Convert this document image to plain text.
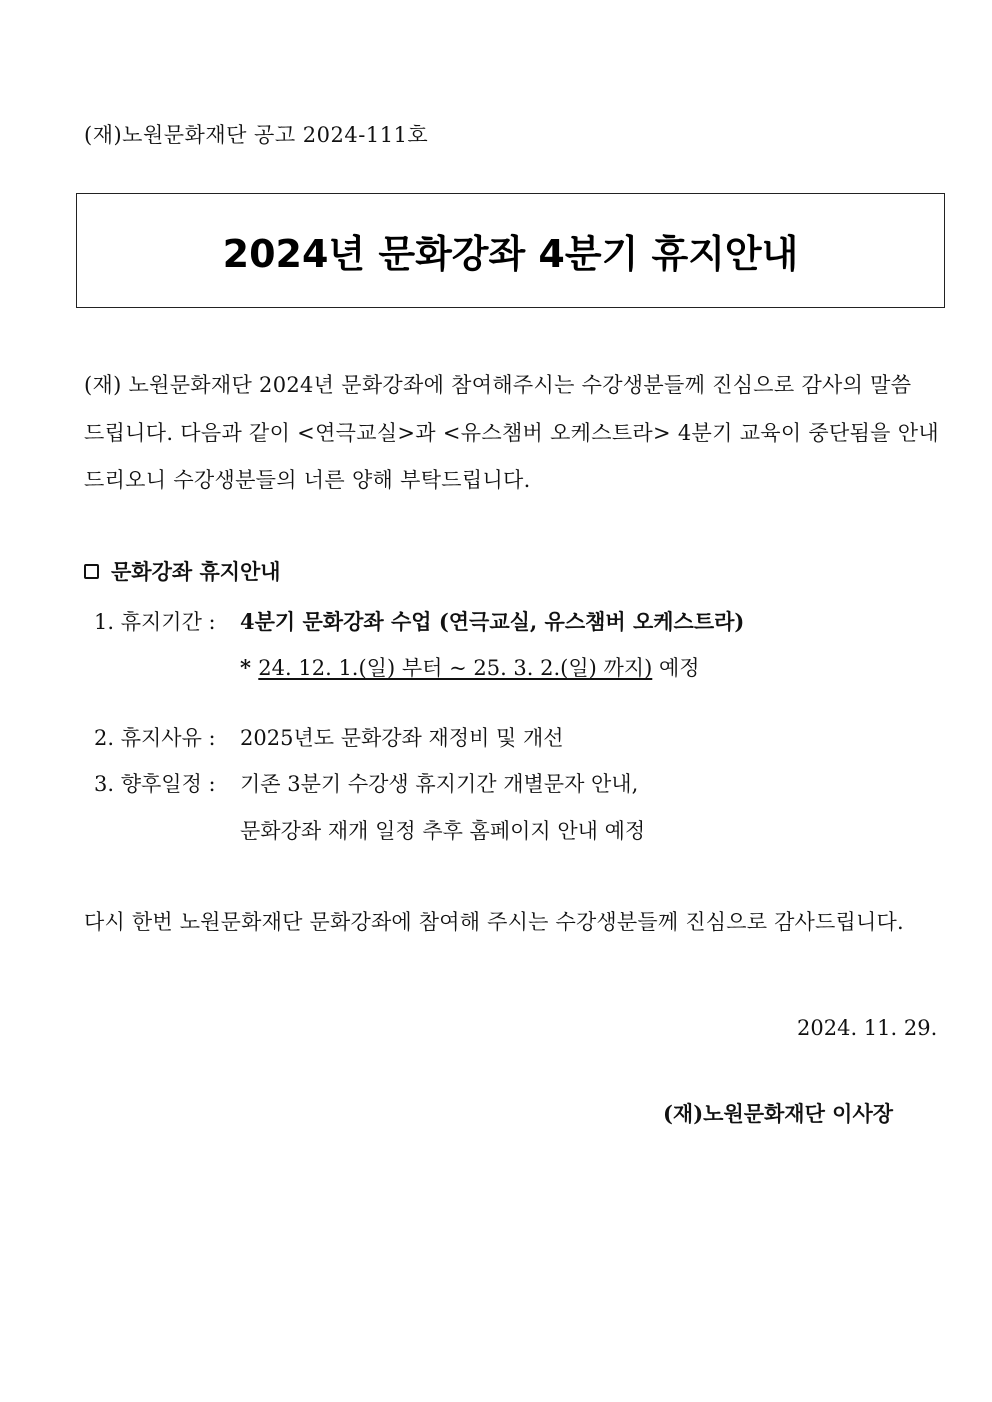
(재)노원문화재단 공고 2024-111호
2024년 문화강좌 4분기 휴지안내
(재) 노원문화재단 2024년 문화강좌에 참여해주시는 수강생분들께 진심으로 감사의 말씀
드립니다. 다음과 같이 <연극교실>과 <유스챔버 오케스트라> 4분기 교육이 중단됨을 안내
드리오니 수강생분들의 너른 양해 부탁드립니다.
문화강좌 휴지안내
1. 휴지기간 : 4분기 문화강좌 수업 (연극교실, 유스챔버 오케스트라)
* 24. 12. 1.(일) 부터 ~ 25. 3. 2.(일) 까지) 예정
2. 휴지사유 : 2025년도 문화강좌 재정비 및 개선
3. 향후일정 : 기존 3분기 수강생 휴지기간 개별문자 안내,
문화강좌 재개 일정 추후 홈페이지 안내 예정
다시 한번 노원문화재단 문화강좌에 참여해 주시는 수강생분들께 진심으로 감사드립니다.
2024. 11. 29.
(재)노원문화재단 이사장
